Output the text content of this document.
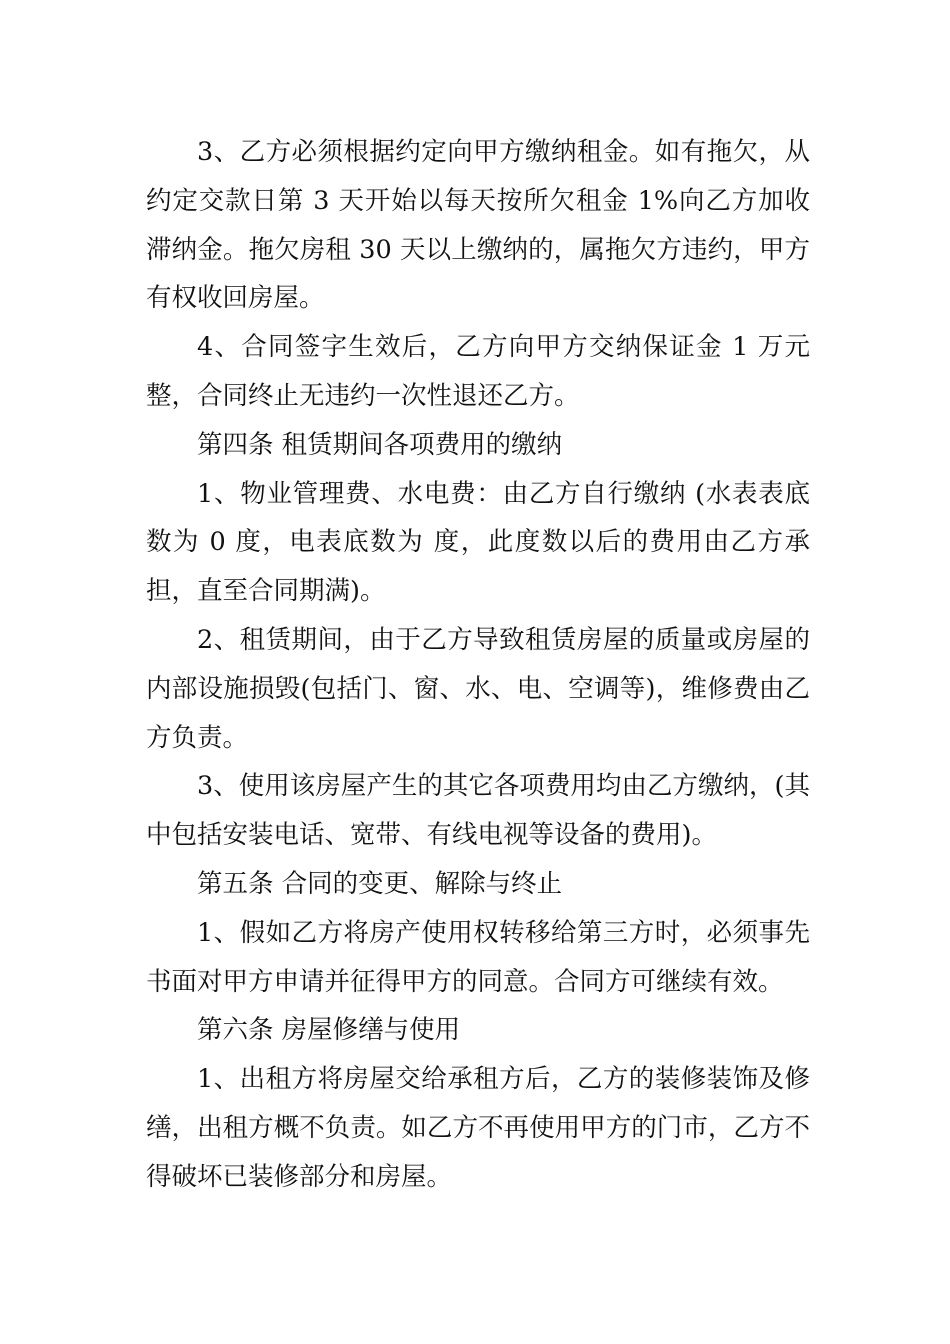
3、乙方必须根据约定向甲方缴纳租金。如有拖欠，从约定交款日第 3 天开始以每天按所欠租金 1%向乙方加收滞纳金。拖欠房租 30 天以上缴纳的，属拖欠方违约，甲方有权收回房屋。

4、合同签字生效后，乙方向甲方交纳保证金 1 万元整，合同终止无违约一次性退还乙方。

第四条 租赁期间各项费用的缴纳

1、物业管理费、水电费：由乙方自行缴纳 (水表表底数为 0 度，电表底数为 度，此度数以后的费用由乙方承担，直至合同期满)。

2、租赁期间，由于乙方导致租赁房屋的质量或房屋的内部设施损毁(包括门、窗、水、电、空调等)，维修费由乙方负责。

3、使用该房屋产生的其它各项费用均由乙方缴纳，(其中包括安装电话、宽带、有线电视等设备的费用)。

第五条 合同的变更、解除与终止

1、假如乙方将房产使用权转移给第三方时，必须事先书面对甲方申请并征得甲方的同意。合同方可继续有效。

第六条 房屋修缮与使用

1、出租方将房屋交给承租方后，乙方的装修装饰及修缮，出租方概不负责。如乙方不再使用甲方的门市，乙方不得破坏已装修部分和房屋。
